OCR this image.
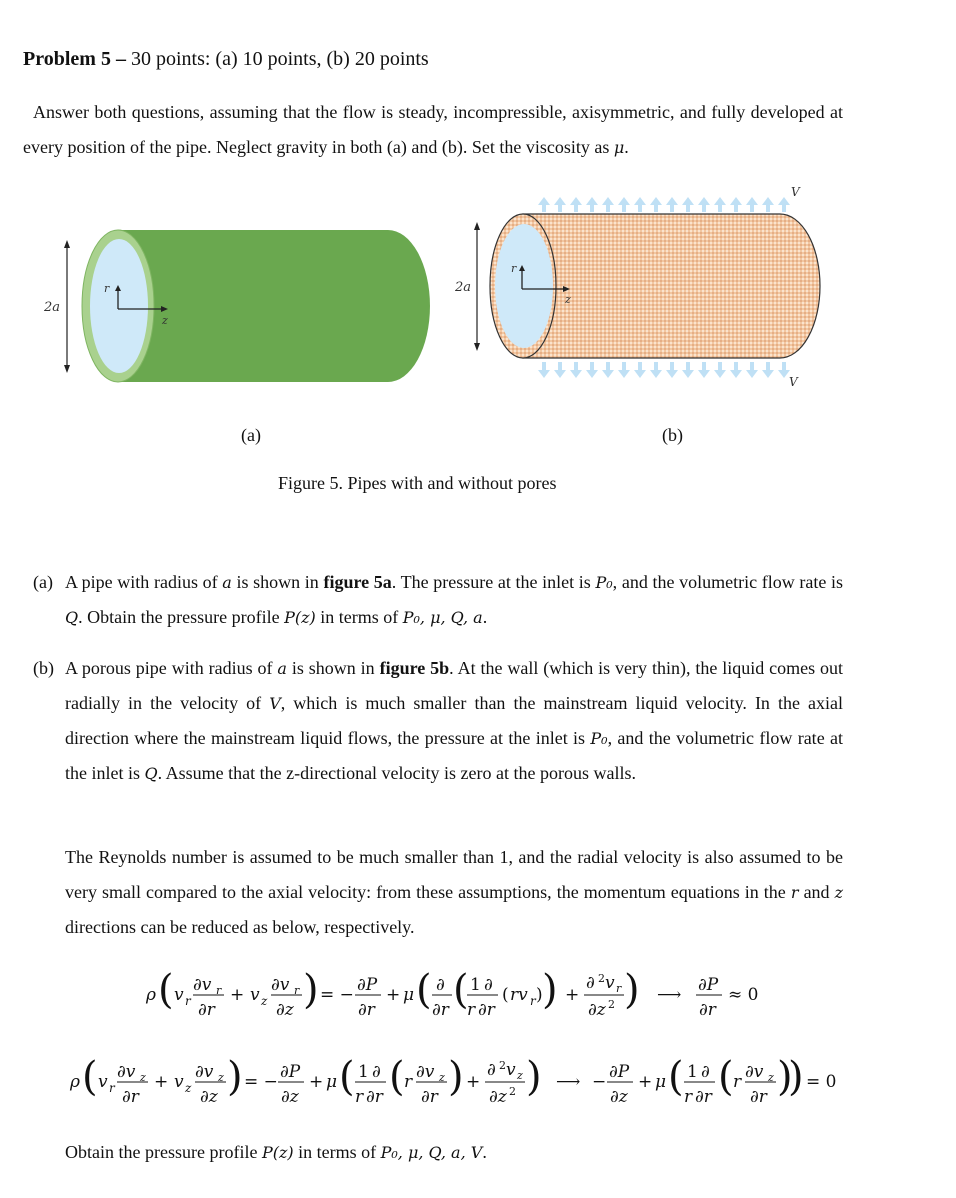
Problem 5 – 30 points: (a) 10 points, (b) 20 points
Answer both questions, assuming that the flow is steady, incompressible, axisymmetric, and fully developed at every position of the pipe. Neglect gravity in both (a) and (b). Set the viscosity as μ.
2a
r
z
V
V
2a
r
z
(a)	(b)
Figure 5. Pipes with and without pores
(a) A pipe with radius of a is shown in figure 5a. The pressure at the inlet is P₀, and the volumetric flow rate is Q. Obtain the pressure profile P(z) in terms of P₀, μ, Q, a.
(b) A porous pipe with radius of a is shown in figure 5b. At the wall (which is very thin), the liquid comes out radially in the velocity of V, which is much smaller than the mainstream liquid velocity. In the axial direction where the mainstream liquid flows, the pressure at the inlet is P₀, and the volumetric flow rate at the inlet is Q. Assume that the z-directional velocity is zero at the porous walls.
The Reynolds number is assumed to be much smaller than 1, and the radial velocity is also assumed to be very small compared to the axial velocity: from these assumptions, the momentum equations in the r and z directions can be reduced as below, respectively.
ρ ( v r
∂v r
∂r
+ v z
∂v r
∂z ) = − ∂P
∂r
+ μ ( ∂
∂r ( 1 ∂
r ∂r
( rv r ) ) +
∂ 2 v r
∂z 2 ) ⟶ ∂P
∂r
≈ 0
ρ ( v r
∂v z
∂r
+ v z
∂v z
∂z ) = − ∂P
∂z
+ μ ( 1 ∂
r ∂r ( r ∂v z
∂r ) +
∂ 2 v z
∂z 2 ) ⟶ − ∂P
∂z
+ μ ( 1 ∂
r ∂r ( r ∂v z
∂r )
) = 0
Obtain the pressure profile P(z) in terms of P₀, μ, Q, a, V.
